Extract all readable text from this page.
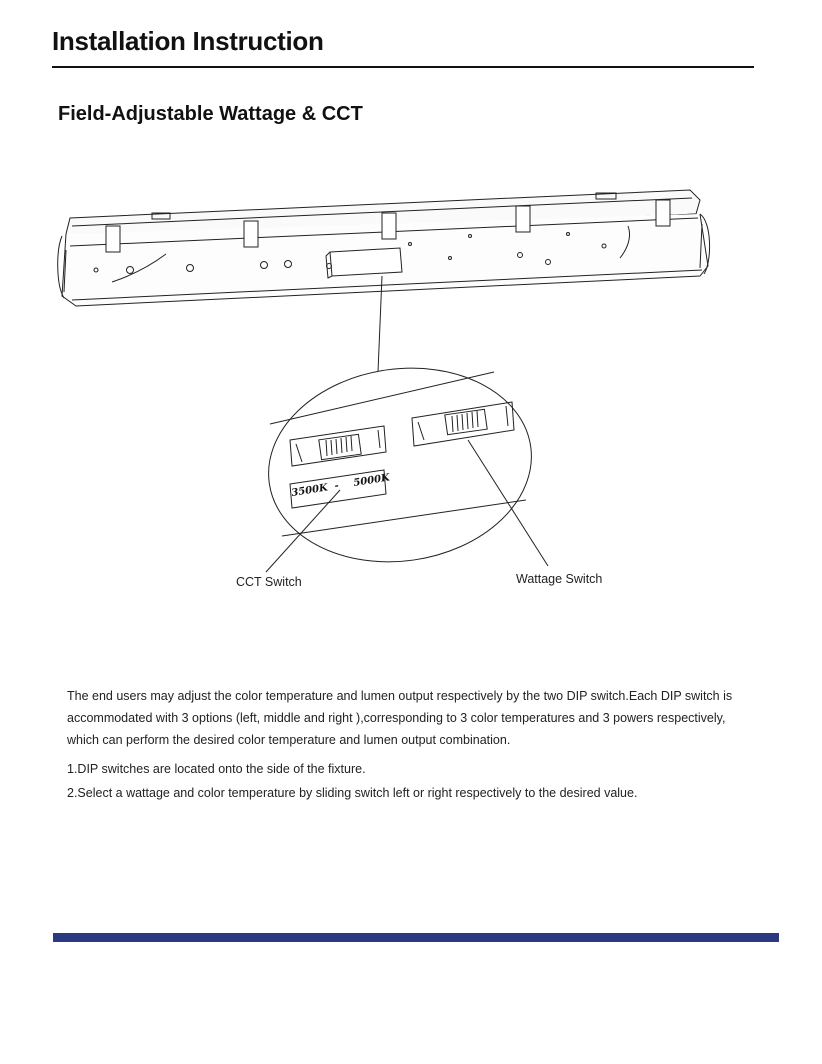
Installation Instruction
Field-Adjustable Wattage & CCT
3500K - 5000K
CCT Switch	Wattage Switch
The end users may adjust the color temperature and lumen output respectively by the two DIP switch.Each DIP switch is accommodated with 3 options (left, middle and right ),corresponding to 3 color temperatures and 3 powers respectively, which can perform the desired color temperature and lumen output combination.
1.DIP switches are located onto the side of the fixture.
2.Select a wattage and color temperature by sliding switch left or right respectively to the desired value.
